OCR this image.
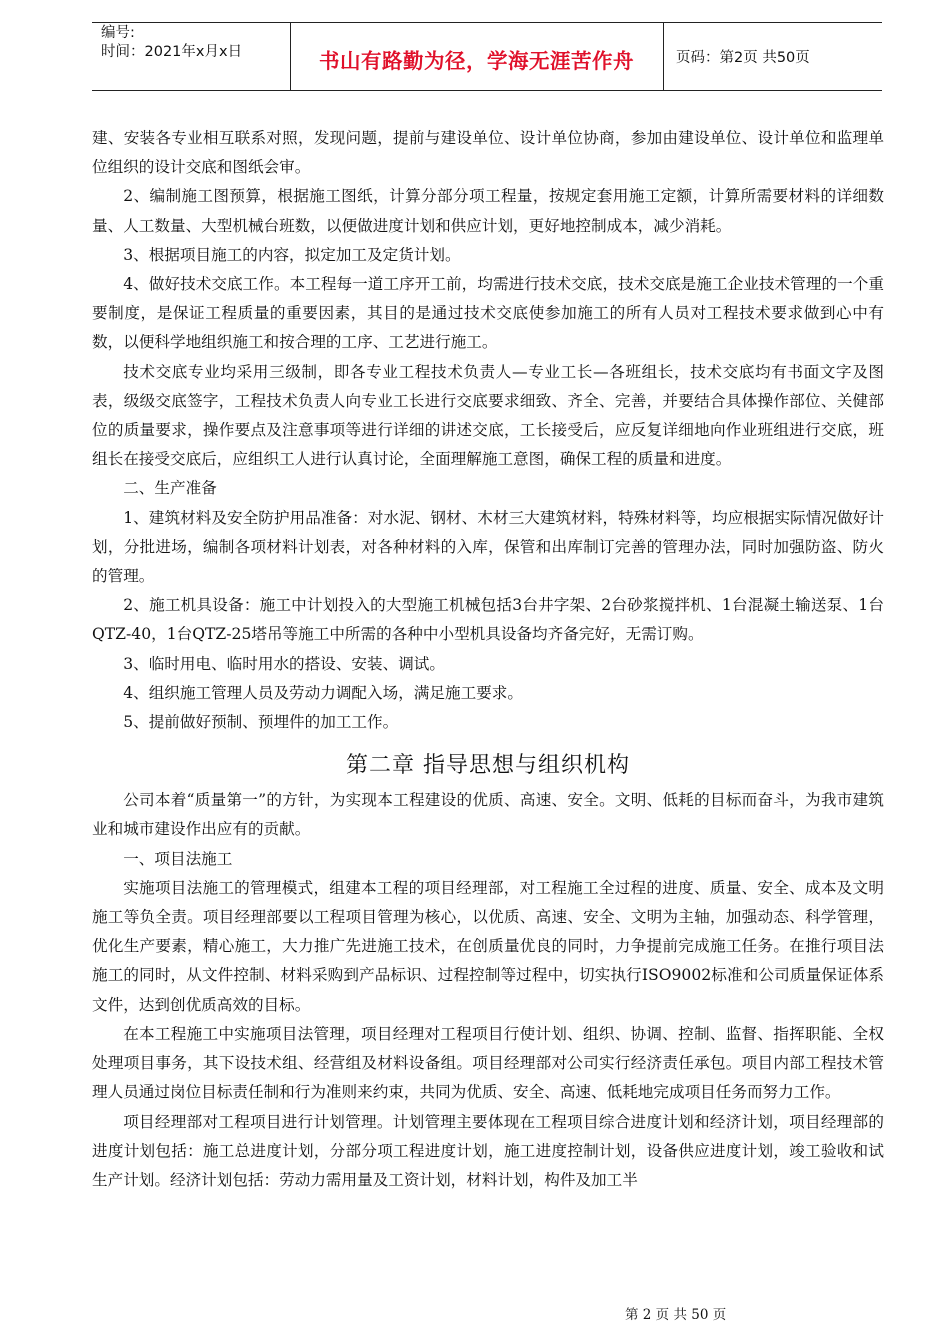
编号:
时间：2021年x月x日	书山有路勤为径，学海无涯苦作舟	页码：第2页 共50页

建、安装各专业相互联系对照，发现问题，提前与建设单位、设计单位协商，参加由建设单位、设计单位和监理单位组织的设计交底和图纸会审。

2、编制施工图预算，根据施工图纸，计算分部分项工程量，按规定套用施工定额，计算所需要材料的详细数量、人工数量、大型机械台班数，以便做进度计划和供应计划，更好地控制成本，减少消耗。

3、根据项目施工的内容，拟定加工及定货计划。

4、做好技术交底工作。本工程每一道工序开工前，均需进行技术交底，技术交底是施工企业技术管理的一个重要制度，是保证工程质量的重要因素，其目的是通过技术交底使参加施工的所有人员对工程技术要求做到心中有数，以便科学地组织施工和按合理的工序、工艺进行施工。

技术交底专业均采用三级制，即各专业工程技术负责人—专业工长—各班组长，技术交底均有书面文字及图表，级级交底签字，工程技术负责人向专业工长进行交底要求细致、齐全、完善，并要结合具体操作部位、关健部位的质量要求，操作要点及注意事项等进行详细的讲述交底，工长接受后，应反复详细地向作业班组进行交底，班组长在接受交底后，应组织工人进行认真讨论，全面理解施工意图，确保工程的质量和进度。

二、生产准备

1、建筑材料及安全防护用品准备：对水泥、钢材、木材三大建筑材料，特殊材料等，均应根据实际情况做好计划，分批进场，编制各项材料计划表，对各种材料的入库，保管和出库制订完善的管理办法，同时加强防盗、防火的管理。

2、施工机具设备：施工中计划投入的大型施工机械包括3台井字架、2台砂浆搅拌机、1台混凝土输送泵、1台QTZ-40，1台QTZ-25塔吊等施工中所需的各种中小型机具设备均齐备完好，无需订购。

3、临时用电、临时用水的搭设、安装、调试。

4、组织施工管理人员及劳动力调配入场，满足施工要求。

5、提前做好预制、预埋件的加工工作。

第二章 指导思想与组织机构

公司本着“质量第一”的方针，为实现本工程建设的优质、高速、安全。文明、低耗的目标而奋斗，为我市建筑业和城市建设作出应有的贡献。

一、项目法施工

实施项目法施工的管理模式，组建本工程的项目经理部，对工程施工全过程的进度、质量、安全、成本及文明施工等负全责。项目经理部要以工程项目管理为核心，以优质、高速、安全、文明为主轴，加强动态、科学管理，优化生产要素，精心施工，大力推广先进施工技术，在创质量优良的同时，力争提前完成施工任务。在推行项目法施工的同时，从文件控制、材料采购到产品标识、过程控制等过程中，切实执行ISO9002标准和公司质量保证体系文件，达到创优质高效的目标。

在本工程施工中实施项目法管理，项目经理对工程项目行使计划、组织、协调、控制、监督、指挥职能、全权处理项目事务，其下设技术组、经营组及材料设备组。项目经理部对公司实行经济责任承包。项目内部工程技术管理人员通过岗位目标责任制和行为准则来约束，共同为优质、安全、高速、低耗地完成项目任务而努力工作。

项目经理部对工程项目进行计划管理。计划管理主要体现在工程项目综合进度计划和经济计划，项目经理部的进度计划包括：施工总进度计划，分部分项工程进度计划，施工进度控制计划，设备供应进度计划，竣工验收和试生产计划。经济计划包括：劳动力需用量及工资计划，材料计划，构件及加工半

第 2 页 共 50 页
